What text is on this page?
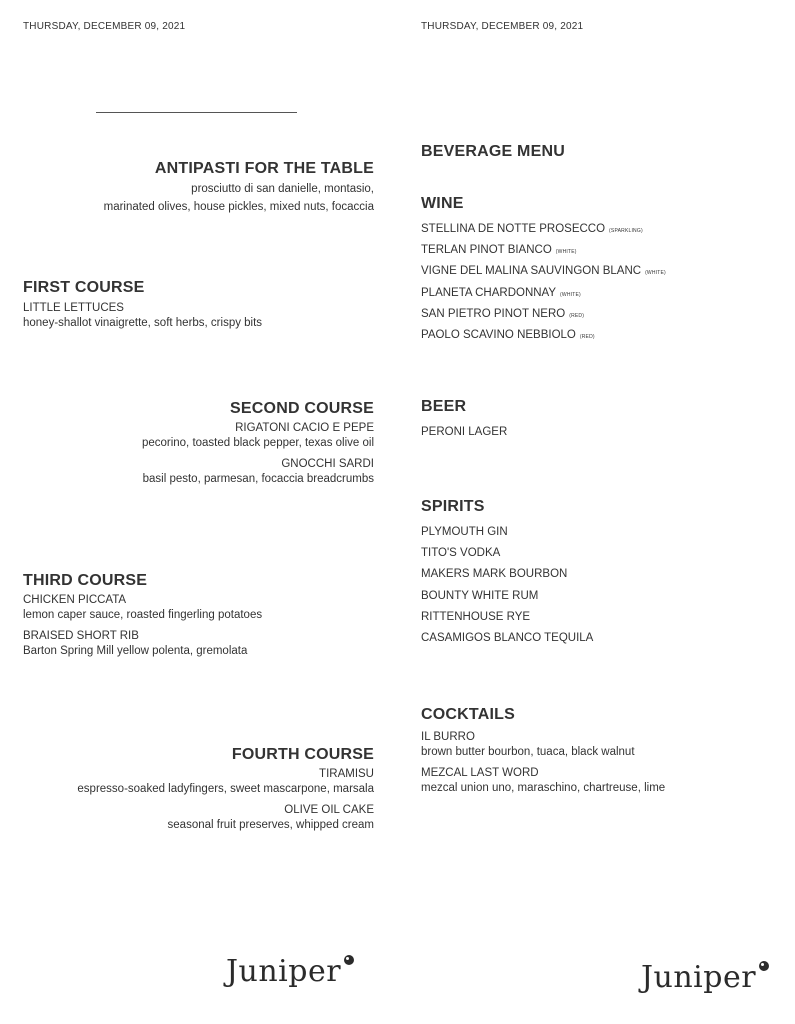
THURSDAY, DECEMBER 09, 2021
ANTIPASTI FOR THE TABLE
prosciutto di san danielle, montasio,
marinated olives, house pickles, mixed nuts, focaccia
FIRST COURSE
LITTLE LETTUCES
honey-shallot vinaigrette, soft herbs, crispy bits
SECOND COURSE
RIGATONI CACIO E PEPE
pecorino, toasted black pepper, texas olive oil
GNOCCHI SARDI
basil pesto, parmesan, focaccia breadcrumbs
THIRD COURSE
CHICKEN PICCATA
lemon caper sauce, roasted fingerling potatoes
BRAISED SHORT RIB
Barton Spring Mill yellow polenta, gremolata
FOURTH COURSE
TIRAMISU
espresso-soaked ladyfingers, sweet mascarpone, marsala
OLIVE OIL CAKE
seasonal fruit preserves, whipped cream
Juniper
THURSDAY, DECEMBER 09, 2021
BEVERAGE MENU
WINE
STELLINA DE NOTTE PROSECCO (SPARKLING)
TERLAN PINOT BIANCO (WHITE)
VIGNE DEL MALINA SAUVINGON BLANC (WHITE)
PLANETA CHARDONNAY (WHITE)
SAN PIETRO PINOT NERO (RED)
PAOLO SCAVINO NEBBIOLO (RED)
BEER
PERONI LAGER
SPIRITS
PLYMOUTH GIN
TITO'S VODKA
MAKERS MARK BOURBON
BOUNTY WHITE RUM
RITTENHOUSE RYE
CASAMIGOS BLANCO TEQUILA
COCKTAILS
IL BURRO
brown butter bourbon, tuaca, black walnut
MEZCAL LAST WORD
mezcal union uno, maraschino, chartreuse, lime
Juniper
